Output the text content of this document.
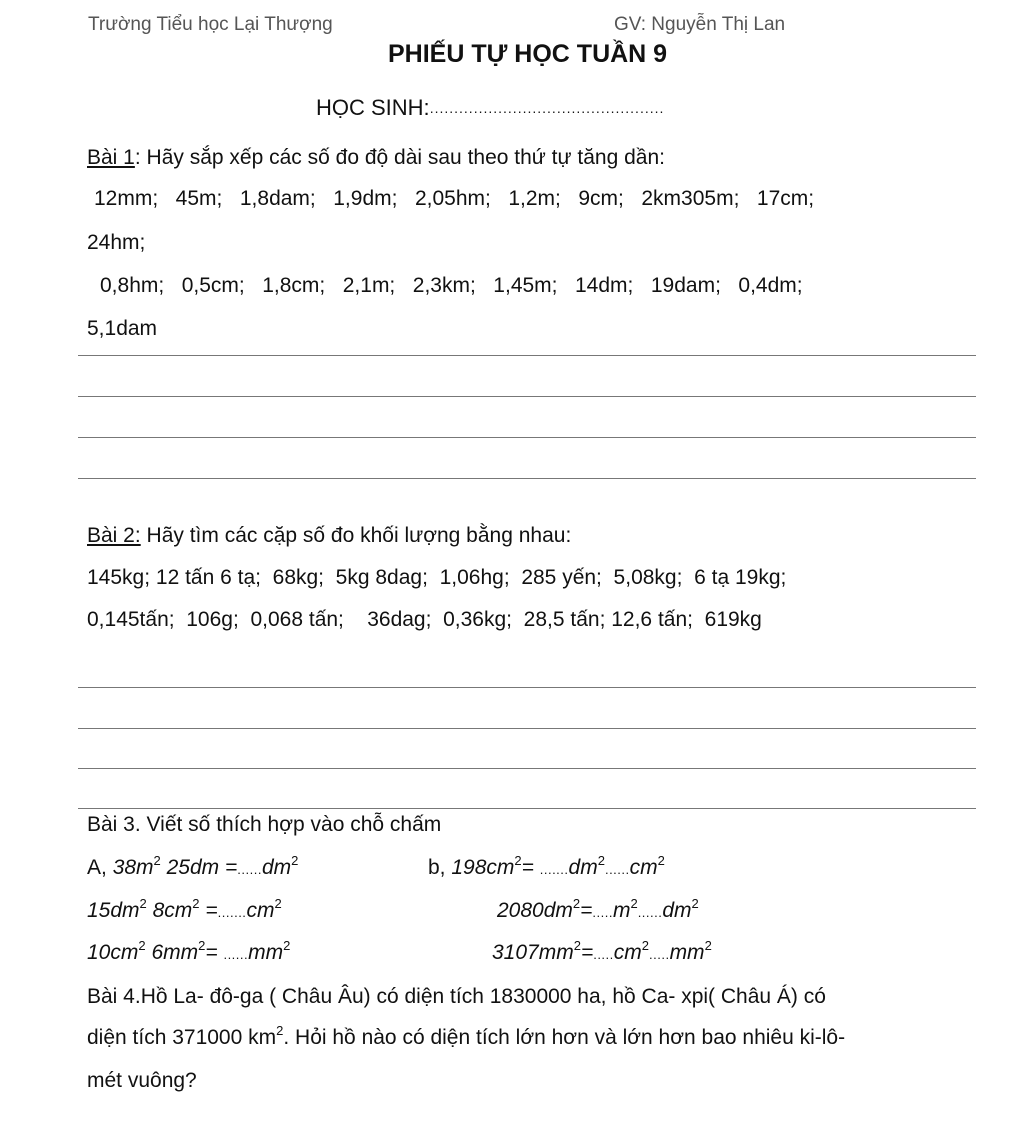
Trường Tiểu học Lại Thượng	GV: Nguyễn Thị Lan
PHIẾU TỰ HỌC TUẦN 9
HỌC SINH:................................................
Bài 1: Hãy sắp xếp các số đo độ dài sau theo thứ tự tăng dần:
12mm;   45m;   1,8dam;   1,9dm;   2,05hm;   1,2m;   9cm;   2km305m;   17cm;
24hm;
0,8hm;   0,5cm;   1,8cm;   2,1m;   2,3km;   1,45m;   14dm;   19dam;   0,4dm;
5,1dam
Bài 2: Hãy tìm các cặp số đo khối lượng bằng nhau:
145kg; 12 tấn 6 tạ;  68kg;  5kg 8dag;  1,06hg;  285 yến;  5,08kg;  6 tạ 19kg;
0,145tấn;  106g;  0,068 tấn;    36dag;  0,36kg;  28,5 tấn; 12,6 tấn;  619kg
Bài 3. Viết số thích hợp vào chỗ chấm
A, $38m^2$ $25dm =......dm^2$	b, $198cm^2= .......dm^2......cm^2$
$15dm^2$ $8cm^2 =.......cm^2$	$2080dm^2=.....m^2......dm^2$
$10cm^2$ $6mm^2= ......mm^2$	$3107mm^2=.....cm^2.....mm^2$
Bài 4.Hồ La- đô-ga ( Châu Âu) có diện tích 1830000 ha, hồ Ca- xpi( Châu Á) có
diện tích 371000 $km^2$. Hỏi hồ nào có diện tích lớn hơn và lớn hơn bao nhiêu ki-lô-
mét vuông?
